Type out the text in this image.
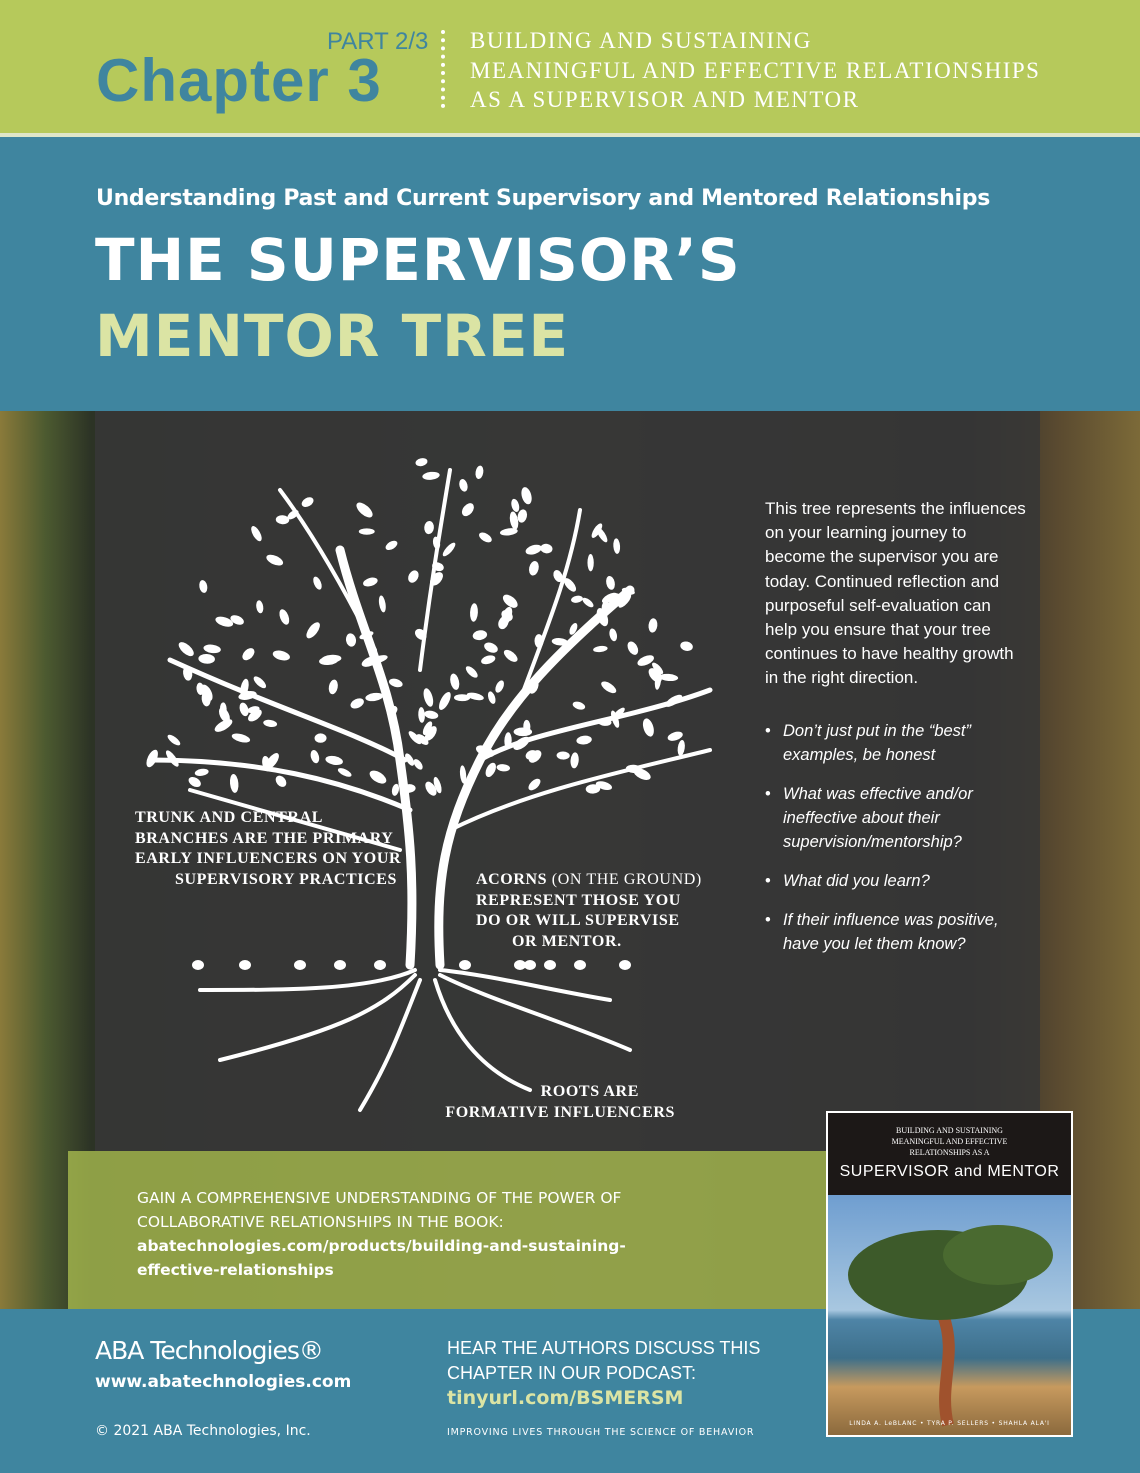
PART 2/3
Chapter 3
BUILDING AND SUSTAINING
MEANINGFUL AND EFFECTIVE RELATIONSHIPS
AS A SUPERVISOR AND MENTOR
Understanding Past and Current Supervisory and Mentored Relationships
THE SUPERVISOR’S
MENTOR TREE
TRUNK AND CENTRAL
BRANCHES ARE THE PRIMARY
EARLY INFLUENCERS ON YOUR
SUPERVISORY PRACTICES	ACORNS (ON THE GROUND)
REPRESENT THOSE YOU
DO OR WILL SUPERVISE
OR MENTOR.
ROOTS ARE
FORMATIVE INFLUENCERS
This tree represents the influences on your learning journey to become the supervisor you are today. Continued reflection and purposeful self-evaluation can help you ensure that your tree continues to have healthy growth in the right direction.
• Don’t just put in the “best” examples, be honest
• What was effective and/or ineffective about their supervision/mentorship?
• What did you learn?
• If their influence was positive, have you let them know?
GAIN A COMPREHENSIVE UNDERSTANDING OF THE POWER OF
COLLABORATIVE RELATIONSHIPS IN THE BOOK:
abatechnologies.com/products/building-and-sustaining-
effective-relationships
ABA Technologies®
www.abatechnologies.com
© 2021 ABA Technologies, Inc.
HEAR THE AUTHORS DISCUSS THIS
CHAPTER IN OUR PODCAST:
tinyurl.com/BSMERSM
IMPROVING LIVES THROUGH THE SCIENCE OF BEHAVIOR
BUILDING AND SUSTAINING
MEANINGFUL AND EFFECTIVE
RELATIONSHIPS AS A
SUPERVISOR and MENTOR
LINDA A. LeBLANC • TYRA P. SELLERS • SHAHLA ALA'I
